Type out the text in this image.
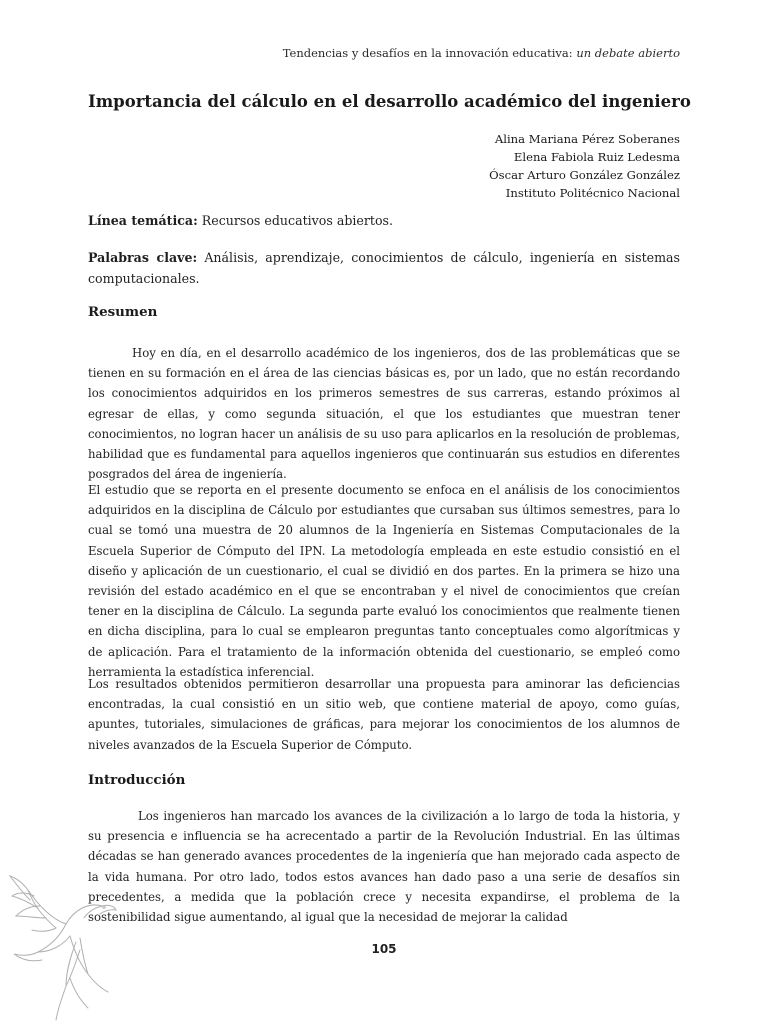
Tendencias y desafíos en la innovación educativa: un debate abierto
Importancia del cálculo en el desarrollo académico del ingeniero
Alina Mariana Pérez Soberanes
Elena Fabiola Ruiz Ledesma
Óscar Arturo González González
Instituto Politécnico Nacional
Línea temática: Recursos educativos abiertos.
Palabras clave: Análisis, aprendizaje, conocimientos de cálculo, ingeniería en sistemas computacionales.
Resumen

Hoy en día, en el desarrollo académico de los ingenieros, dos de las problemáticas que se tienen en su formación en el área de las ciencias básicas es, por un lado, que no están recordando los conocimientos adquiridos en los primeros semestres de sus carreras, estando próximos al egresar de ellas, y como segunda situación, el que los estudiantes que muestran tener conocimientos, no logran hacer un análisis de su uso para aplicarlos en la resolución de problemas, habilidad que es fundamental para aquellos ingenieros que continuarán sus estudios en diferentes posgrados del área de ingeniería.

El estudio que se reporta en el presente documento se enfoca en el análisis de los conocimientos adquiridos en la disciplina de Cálculo por estudiantes que cursaban sus últimos semestres, para lo cual se tomó una muestra de 20 alumnos de la Ingeniería en Sistemas Computacionales de la Escuela Superior de Cómputo del IPN. La metodología empleada en este estudio consistió en el diseño y aplicación de un cuestionario, el cual se dividió en dos partes. En la primera se hizo una revisión del estado académico en el que se encontraban y el nivel de conocimientos que creían tener en la disciplina de Cálculo. La segunda parte evaluó los conocimientos que realmente tienen en dicha disciplina, para lo cual se emplearon preguntas tanto conceptuales como algorítmicas y de aplicación. Para el tratamiento de la información obtenida del cuestionario, se empleó como herramienta la estadística inferencial.

Los resultados obtenidos permitieron desarrollar una propuesta para aminorar las deficiencias encontradas, la cual consistió en un sitio web, que contiene material de apoyo, como guías, apuntes, tutoriales, simulaciones de gráficas, para mejorar los conocimientos de los alumnos de niveles avanzados de la Escuela Superior de Cómputo.

Introducción

Los ingenieros han marcado los avances de la civilización a lo largo de toda la historia, y su presencia e influencia se ha acrecentado a partir de la Revolución Industrial. En las últimas décadas se han generado avances procedentes de la ingeniería que han mejorado cada aspecto de la vida humana. Por otro lado, todos estos avances han dado paso a una serie de desafíos sin precedentes, a medida que la población crece y necesita expandirse, el problema de la sostenibilidad sigue aumentando, al igual que la necesidad de mejorar la calidad

105
